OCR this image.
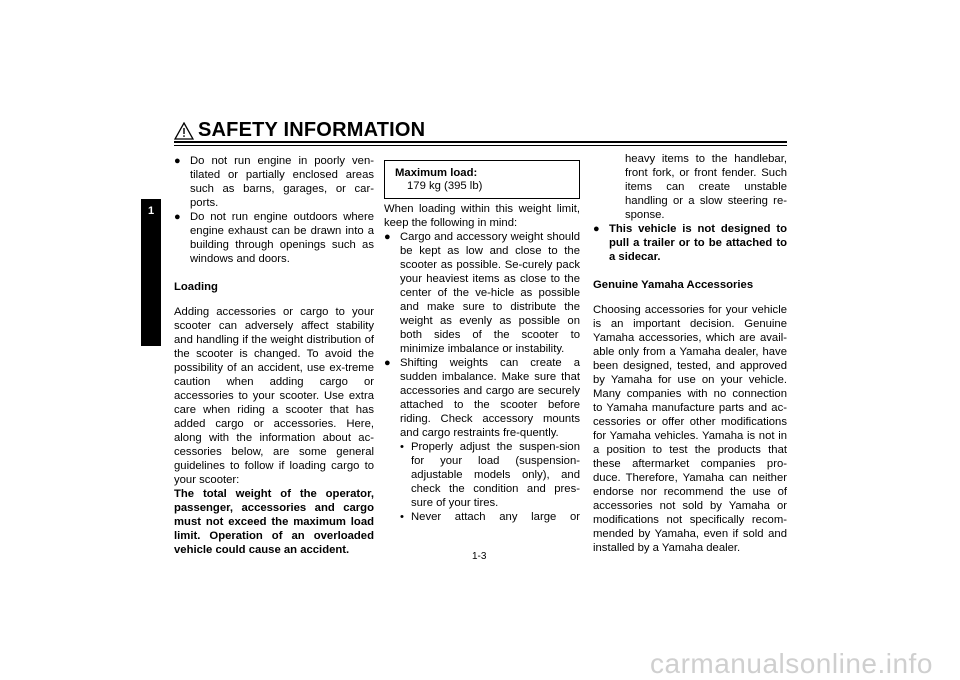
SAFETY INFORMATION
1

● Do not run engine in poorly ven-tilated or partially enclosed areas such as barns, garages, or car-ports.

● Do not run engine outdoors where engine exhaust can be drawn into a building through openings such as windows and doors.

Loading

Adding accessories or cargo to your scooter can adversely affect stability and handling if the weight distribution of the scooter is changed. To avoid the possibility of an accident, use ex-treme caution when adding cargo or accessories to your scooter. Use extra care when riding a scooter that has added cargo or accessories. Here, along with the information about ac-cessories below, are some general guidelines to follow if loading cargo to your scooter:

The total weight of the operator, passenger, accessories and cargo must not exceed the maximum load limit. Operation of an overloaded vehicle could cause an accident.

Maximum load:
179 kg (395 lb)

When loading within this weight limit, keep the following in mind:

● Cargo and accessory weight should be kept as low and close to the scooter as possible. Se-curely pack your heaviest items as close to the center of the ve-hicle as possible and make sure to distribute the weight as evenly as possible on both sides of the scooter to minimize imbalance or instability.

● Shifting weights can create a sudden imbalance. Make sure that accessories and cargo are securely attached to the scooter before riding. Check accessory mounts and cargo restraints fre-quently.

• Properly adjust the suspen-sion for your load (suspension-adjustable models only), and check the condition and pres-sure of your tires.

• Never attach any large or

heavy items to the handlebar, front fork, or front fender. Such items can create unstable handling or a slow steering re-sponse.

● This vehicle is not designed to pull a trailer or to be attached to a sidecar.

Genuine Yamaha Accessories

Choosing accessories for your vehicle is an important decision. Genuine Yamaha accessories, which are avail-able only from a Yamaha dealer, have been designed, tested, and approved by Yamaha for use on your vehicle. Many companies with no connection to Yamaha manufacture parts and ac-cessories or offer other modifications for Yamaha vehicles. Yamaha is not in a position to test the products that these aftermarket companies pro-duce. Therefore, Yamaha can neither endorse nor recommend the use of accessories not sold by Yamaha or modifications not specifically recom-mended by Yamaha, even if sold and installed by a Yamaha dealer.

1-3
carmanualsonline.info
